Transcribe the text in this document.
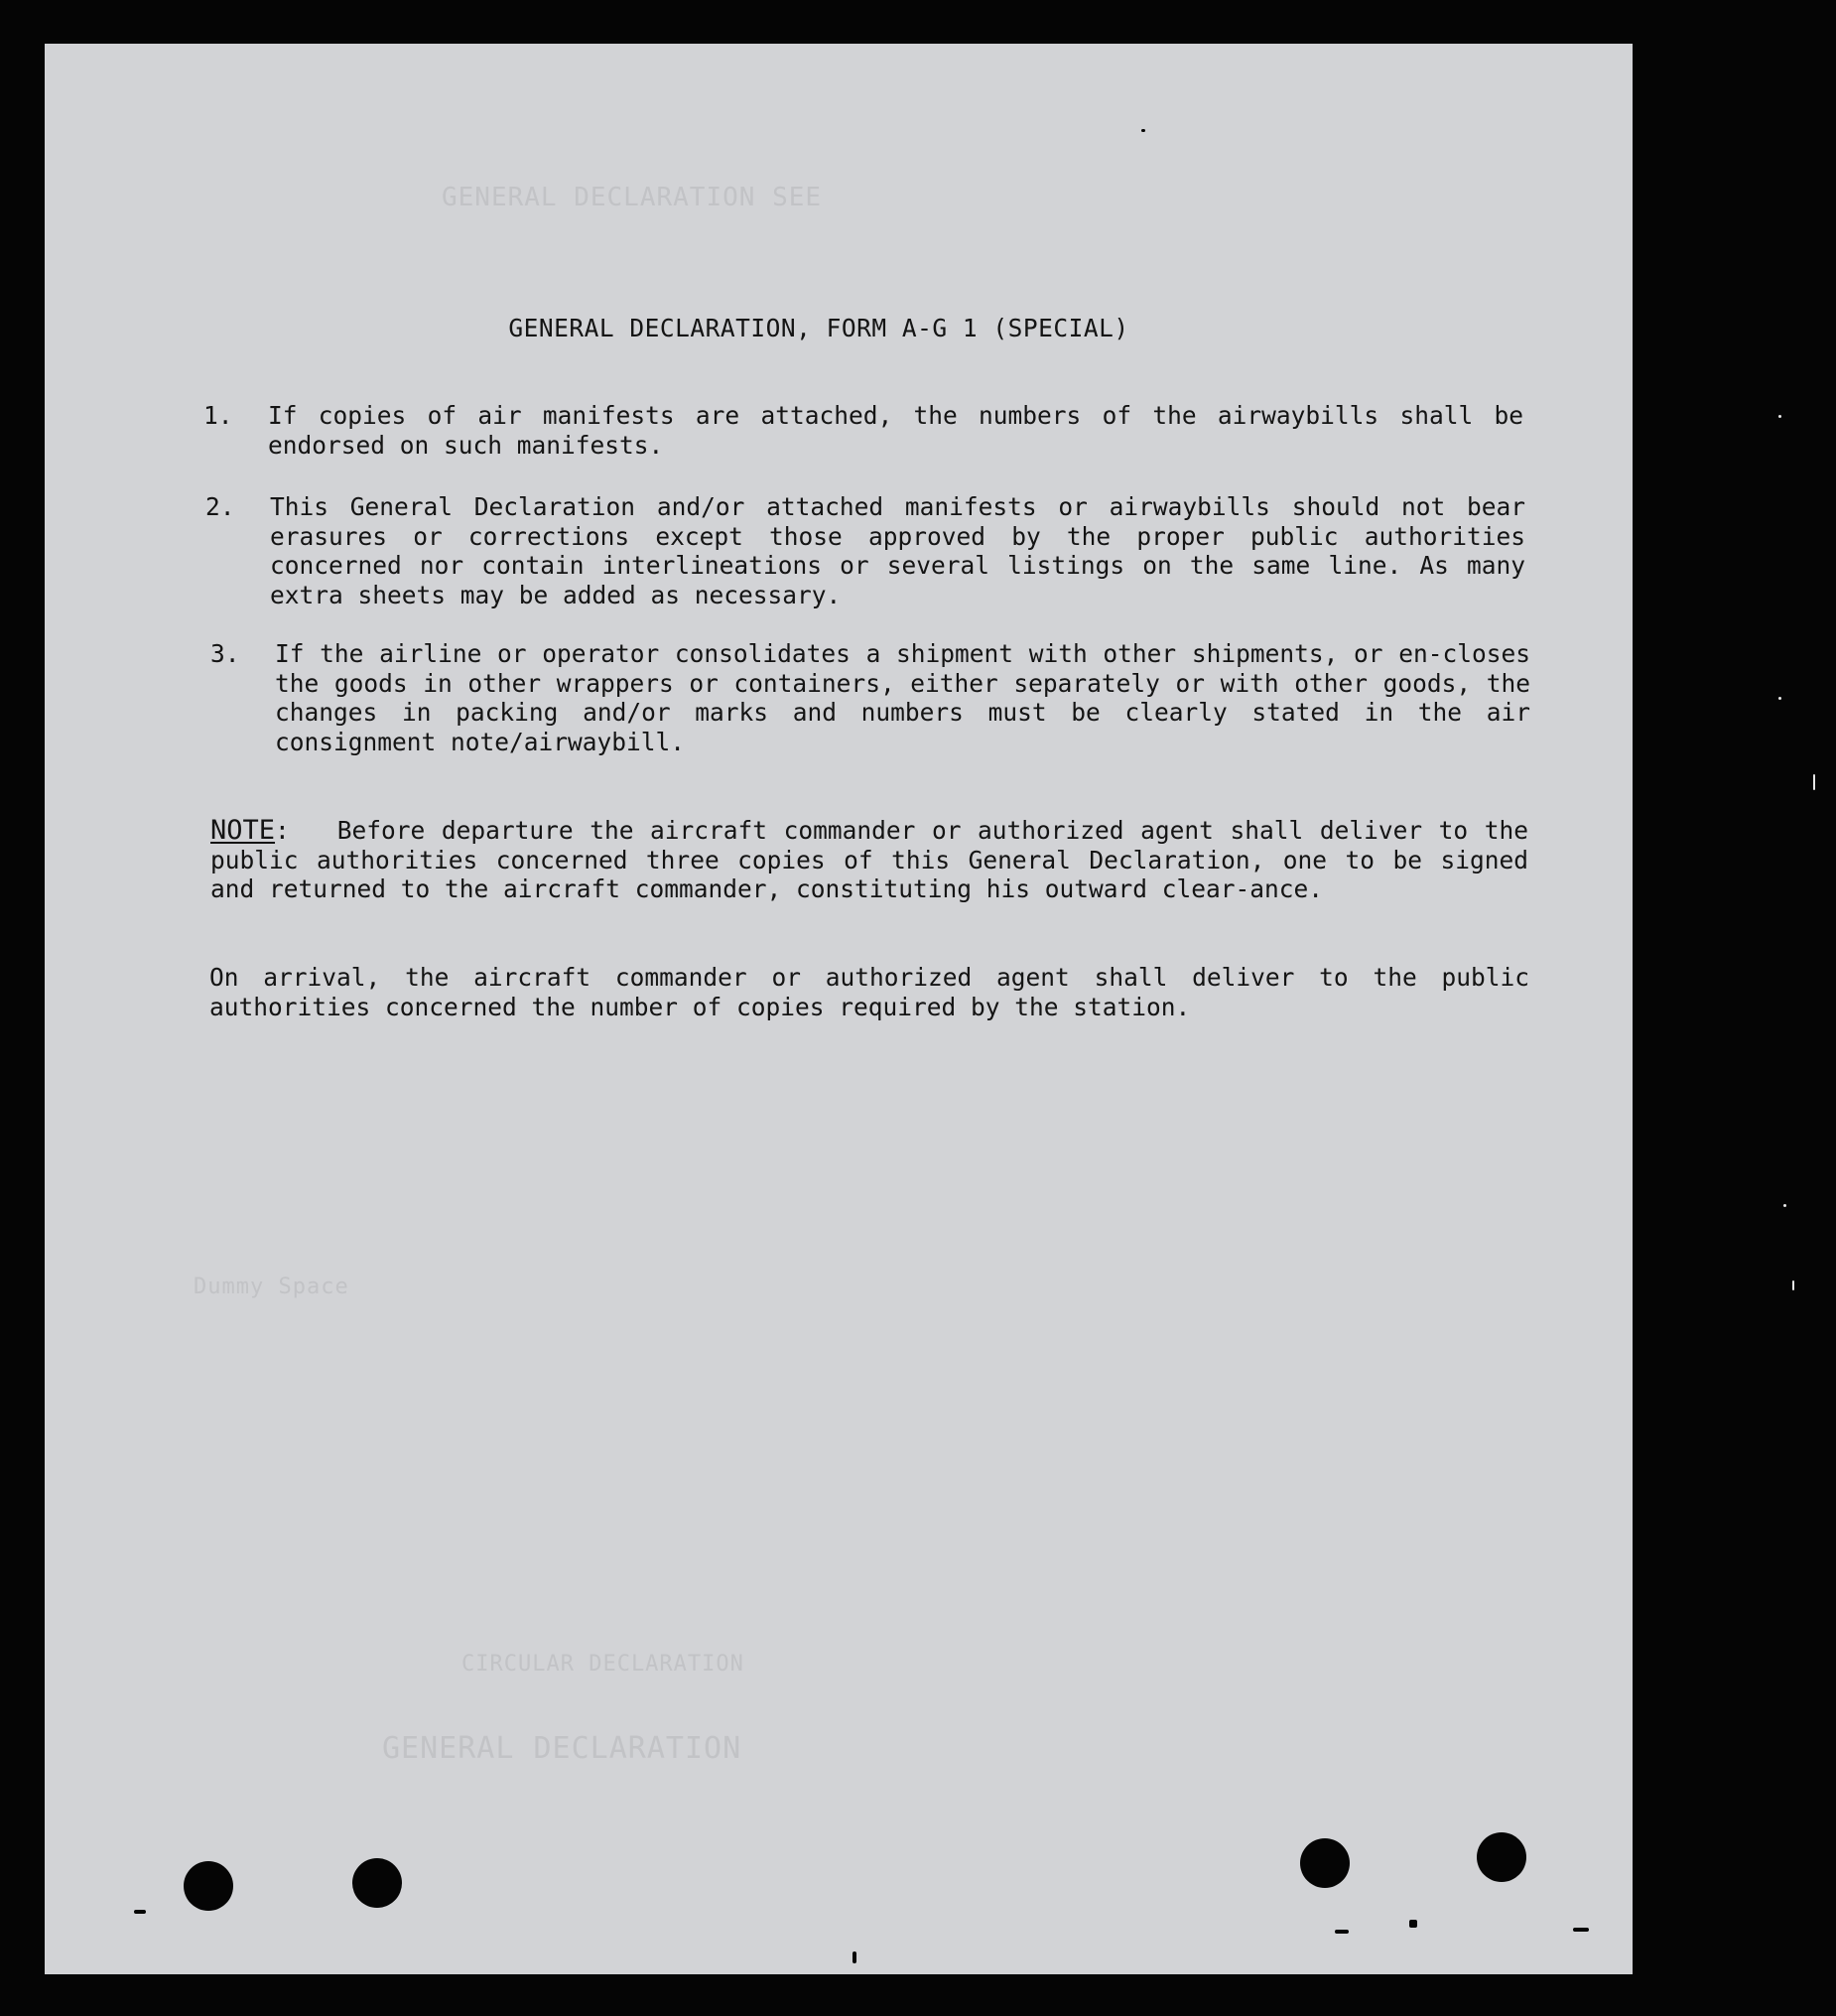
GENERAL DECLARATION SEE
Dummy Space
CIRCULAR DECLARATION
GENERAL DECLARATION
GENERAL DECLARATION, FORM A-G 1 (SPECIAL)
1. If copies of air manifests are attached, the numbers of the airwaybills shall be endorsed on such manifests.
2. This General Declaration and/or attached manifests or airwaybills should not bear erasures or corrections except those approved by the proper public authorities concerned nor contain interlineations or several listings on the same line. As many extra sheets may be added as necessary.
3. If the airline or operator consolidates a shipment with other shipments, or en-closes the goods in other wrappers or containers, either separately or with other goods, the changes in packing and/or marks and numbers must be clearly stated in the air consignment note/airwaybill.
NOTE: Before departure the aircraft commander or authorized agent shall deliver to the public authorities concerned three copies of this General Declaration, one to be signed and returned to the aircraft commander, constituting his outward clear-ance.
On arrival, the aircraft commander or authorized agent shall deliver to the public authorities concerned the number of copies required by the station.
